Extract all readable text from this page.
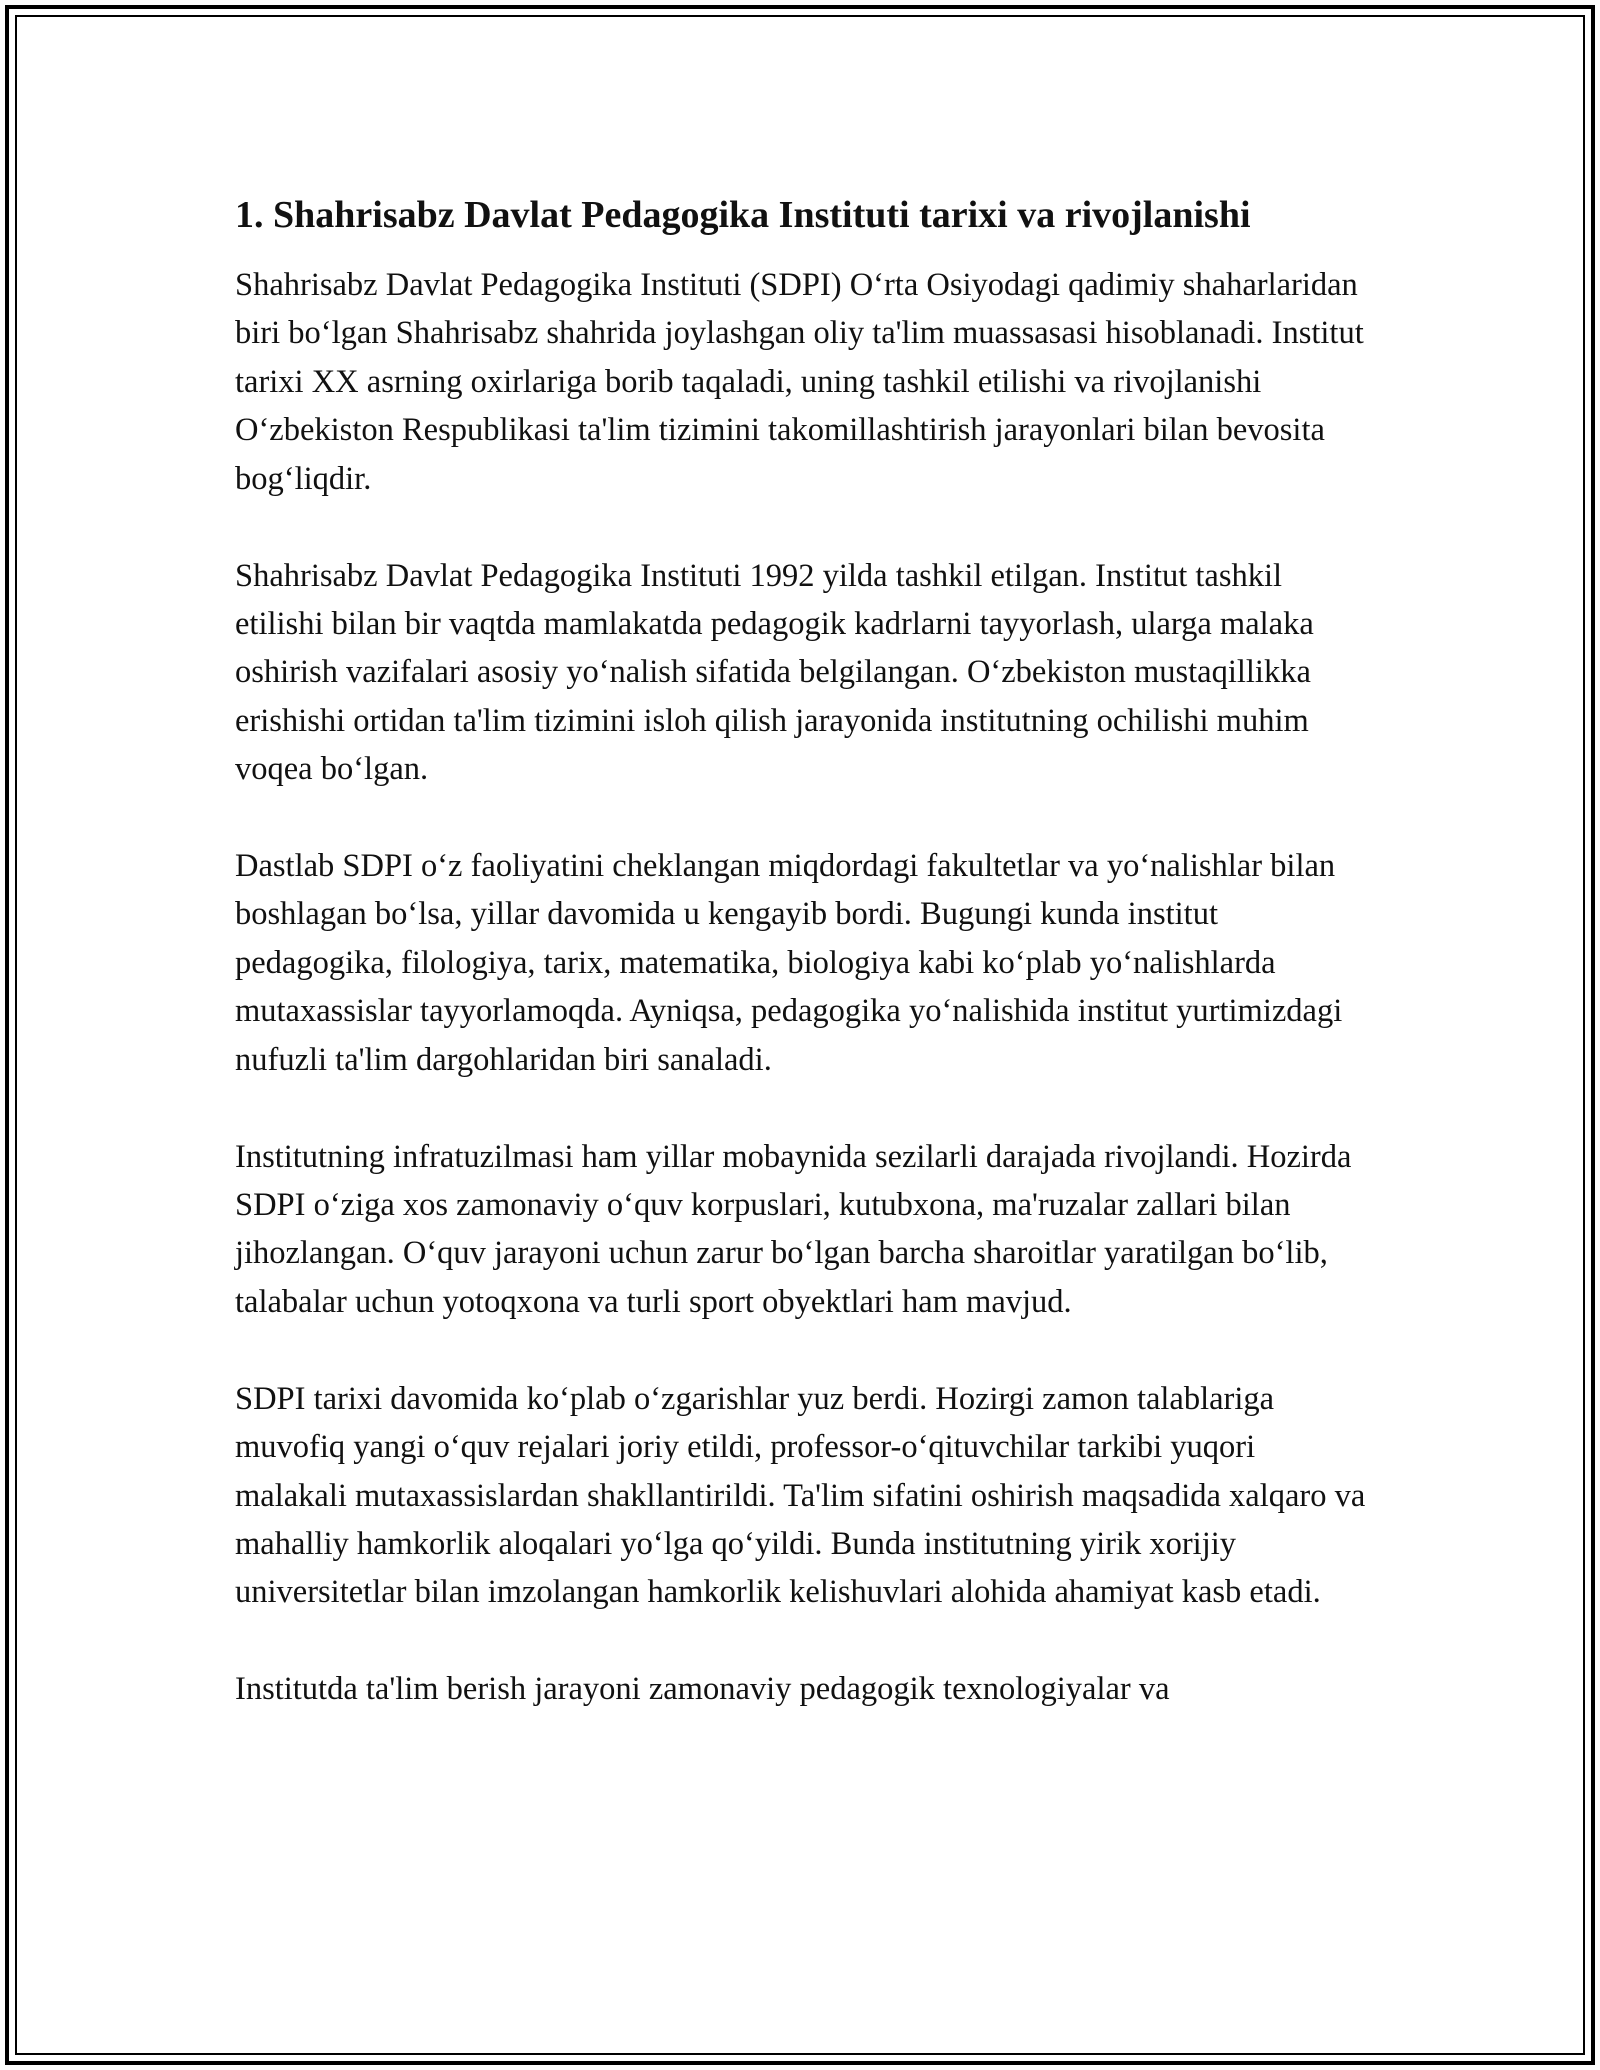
1. Shahrisabz Davlat Pedagogika Instituti tarixi va rivojlanishi

Shahrisabz Davlat Pedagogika Instituti (SDPI) O‘rta Osiyodagi qadimiy shaharlaridan biri bo‘lgan Shahrisabz shahrida joylashgan oliy ta'lim muassasasi hisoblanadi. Institut tarixi XX asrning oxirlariga borib taqaladi, uning tashkil etilishi va rivojlanishi O‘zbekiston Respublikasi ta'lim tizimini takomillashtirish jarayonlari bilan bevosita bog‘liqdir.

Shahrisabz Davlat Pedagogika Instituti 1992 yilda tashkil etilgan. Institut tashkil etilishi bilan bir vaqtda mamlakatda pedagogik kadrlarni tayyorlash, ularga malaka oshirish vazifalari asosiy yo‘nalish sifatida belgilangan. O‘zbekiston mustaqillikka erishishi ortidan ta'lim tizimini isloh qilish jarayonida institutning ochilishi muhim voqea bo‘lgan.

Dastlab SDPI o‘z faoliyatini cheklangan miqdordagi fakultetlar va yo‘nalishlar bilan boshlagan bo‘lsa, yillar davomida u kengayib bordi. Bugungi kunda institut pedagogika, filologiya, tarix, matematika, biologiya kabi ko‘plab yo‘nalishlarda mutaxassislar tayyorlamoqda. Ayniqsa, pedagogika yo‘nalishida institut yurtimizdagi nufuzli ta'lim dargohlaridan biri sanaladi.

Institutning infratuzilmasi ham yillar mobaynida sezilarli darajada rivojlandi. Hozirda SDPI o‘ziga xos zamonaviy o‘quv korpuslari, kutubxona, ma'ruzalar zallari bilan jihozlangan. O‘quv jarayoni uchun zarur bo‘lgan barcha sharoitlar yaratilgan bo‘lib, talabalar uchun yotoqxona va turli sport obyektlari ham mavjud.

SDPI tarixi davomida ko‘plab o‘zgarishlar yuz berdi. Hozirgi zamon talablariga muvofiq yangi o‘quv rejalari joriy etildi, professor-o‘qituvchilar tarkibi yuqori malakali mutaxassislardan shakllantirildi. Ta'lim sifatini oshirish maqsadida xalqaro va mahalliy hamkorlik aloqalari yo‘lga qo‘yildi. Bunda institutning yirik xorijiy universitetlar bilan imzolangan hamkorlik kelishuvlari alohida ahamiyat kasb etadi.

Institutda ta'lim berish jarayoni zamonaviy pedagogik texnologiyalar va
